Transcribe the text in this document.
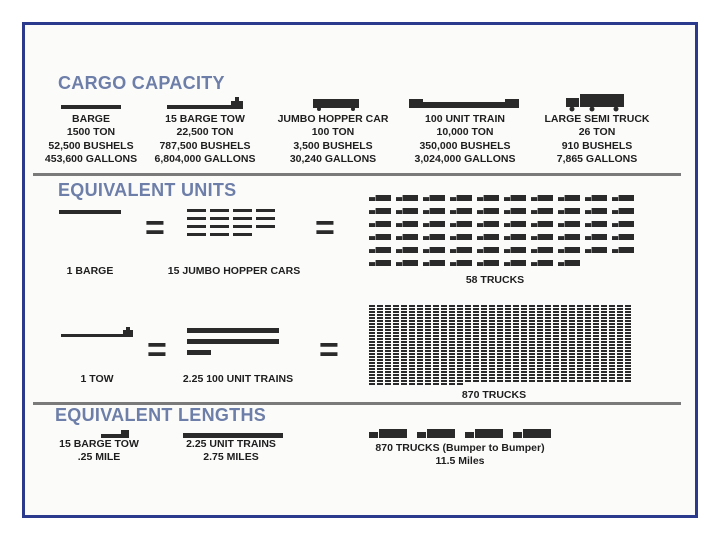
CARGO CAPACITY
BARGE
1500 TON
52,500 BUSHELS
453,600 GALLONS
15 BARGE TOW
22,500 TON
787,500 BUSHELS
6,804,000 GALLONS
JUMBO HOPPER CAR
100 TON
3,500 BUSHELS
30,240 GALLONS
100 UNIT TRAIN
10,000 TON
350,000 BUSHELS
3,024,000 GALLONS
LARGE SEMI TRUCK
26 TON
910 BUSHELS
7,865 GALLONS
EQUIVALENT UNITS
=	=
1 BARGE	15 JUMBO HOPPER CARS
58 TRUCKS
=	=
1 TOW	2.25 100 UNIT TRAINS
870 TRUCKS
EQUIVALENT LENGTHS
15 BARGE TOW
.25 MILE
2.25 UNIT TRAINS
2.75 MILES
870 TRUCKS (Bumper to Bumper)
11.5 Miles
